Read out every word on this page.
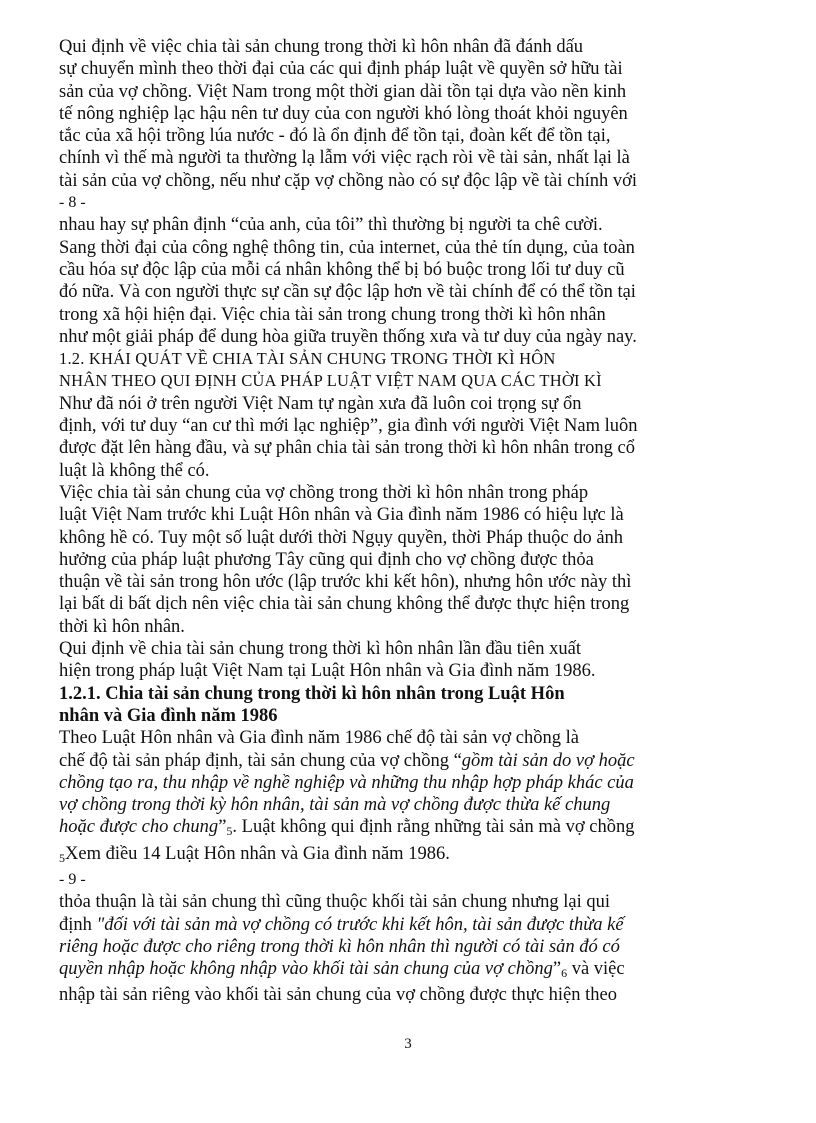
Qui định về việc chia tài sản chung trong thời kì hôn nhân đã đánh dấu
sự chuyển mình theo thời đại của các qui định pháp luật về quyền sở hữu tài
sản của vợ chồng. Việt Nam trong một thời gian dài tồn tại dựa vào nền kinh
tế nông nghiệp lạc hậu nên tư duy của con người khó lòng thoát khỏi nguyên
tắc của xã hội trồng lúa nước - đó là ổn định để tồn tại, đoàn kết để tồn tại,
chính vì thế mà người ta thường lạ lẫm với việc rạch ròi về tài sản, nhất lại là
tài sản của vợ chồng, nếu như cặp vợ chồng nào có sự độc lập về tài chính với
- 8 -
nhau hay sự phân định “của anh, của tôi” thì thường bị người ta chê cười.
Sang thời đại của công nghệ thông tin, của internet, của thẻ tín dụng, của toàn
cầu hóa sự độc lập của mỗi cá nhân không thể bị bó buộc trong lối tư duy cũ
đó nữa. Và con người thực sự cần sự độc lập hơn về tài chính để có thể tồn tại
trong xã hội hiện đại. Việc chia tài sản trong chung trong thời kì hôn nhân
như một giải pháp để dung hòa giữa truyền thống xưa và tư duy của ngày nay.
1.2. KHÁI QUÁT VỀ CHIA TÀI SẢN CHUNG TRONG THỜI KÌ HÔN
NHÂN THEO QUI ĐỊNH CỦA PHÁP LUẬT VIỆT NAM QUA CÁC THỜI KÌ
Như đã nói ở trên người Việt Nam tự ngàn xưa đã luôn coi trọng sự ổn
định, với tư duy “an cư thì mới lạc nghiệp”, gia đình với người Việt Nam luôn
được đặt lên hàng đầu, và sự phân chia tài sản trong thời kì hôn nhân trong cổ
luật là không thể có.
Việc chia tài sản chung của vợ chồng trong thời kì hôn nhân trong pháp
luật Việt Nam trước khi Luật Hôn nhân và Gia đình năm 1986 có hiệu lực là
không hề có. Tuy một số luật dưới thời Ngụy quyền, thời Pháp thuộc do ảnh
hưởng của pháp luật phương Tây cũng qui định cho vợ chồng được thỏa
thuận về tài sản trong hôn ước (lập trước khi kết hôn), nhưng hôn ước này thì
lại bất di bất dịch nên việc chia tài sản chung không thể được thực hiện trong
thời kì hôn nhân.
Qui định về chia tài sản chung trong thời kì hôn nhân lần đầu tiên xuất
hiện trong pháp luật Việt Nam tại Luật Hôn nhân và Gia đình năm 1986.
1.2.1. Chia tài sản chung trong thời kì hôn nhân trong Luật Hôn
nhân và Gia đình năm 1986
Theo Luật Hôn nhân và Gia đình năm 1986 chế độ tài sản vợ chồng là
chế độ tài sản pháp định, tài sản chung của vợ chồng “gồm tài sản do vợ hoặc
chồng tạo ra, thu nhập về nghề nghiệp và những thu nhập hợp pháp khác của
vợ chồng trong thời kỳ hôn nhân, tài sản mà vợ chồng được thừa kế chung
hoặc được cho chung”5. Luật không qui định rằng những tài sản mà vợ chồng
5Xem điều 14 Luật Hôn nhân và Gia đình năm 1986.
- 9 -
thỏa thuận là tài sản chung thì cũng thuộc khối tài sản chung nhưng lại qui
định "đối với tài sản mà vợ chồng có trước khi kết hôn, tài sản được thừa kế
riêng hoặc được cho riêng trong thời kì hôn nhân thì người có tài sản đó có
quyền nhập hoặc không nhập vào khối tài sản chung của vợ chồng”6 và việc
nhập tài sản riêng vào khối tài sản chung của vợ chồng được thực hiện theo
3
